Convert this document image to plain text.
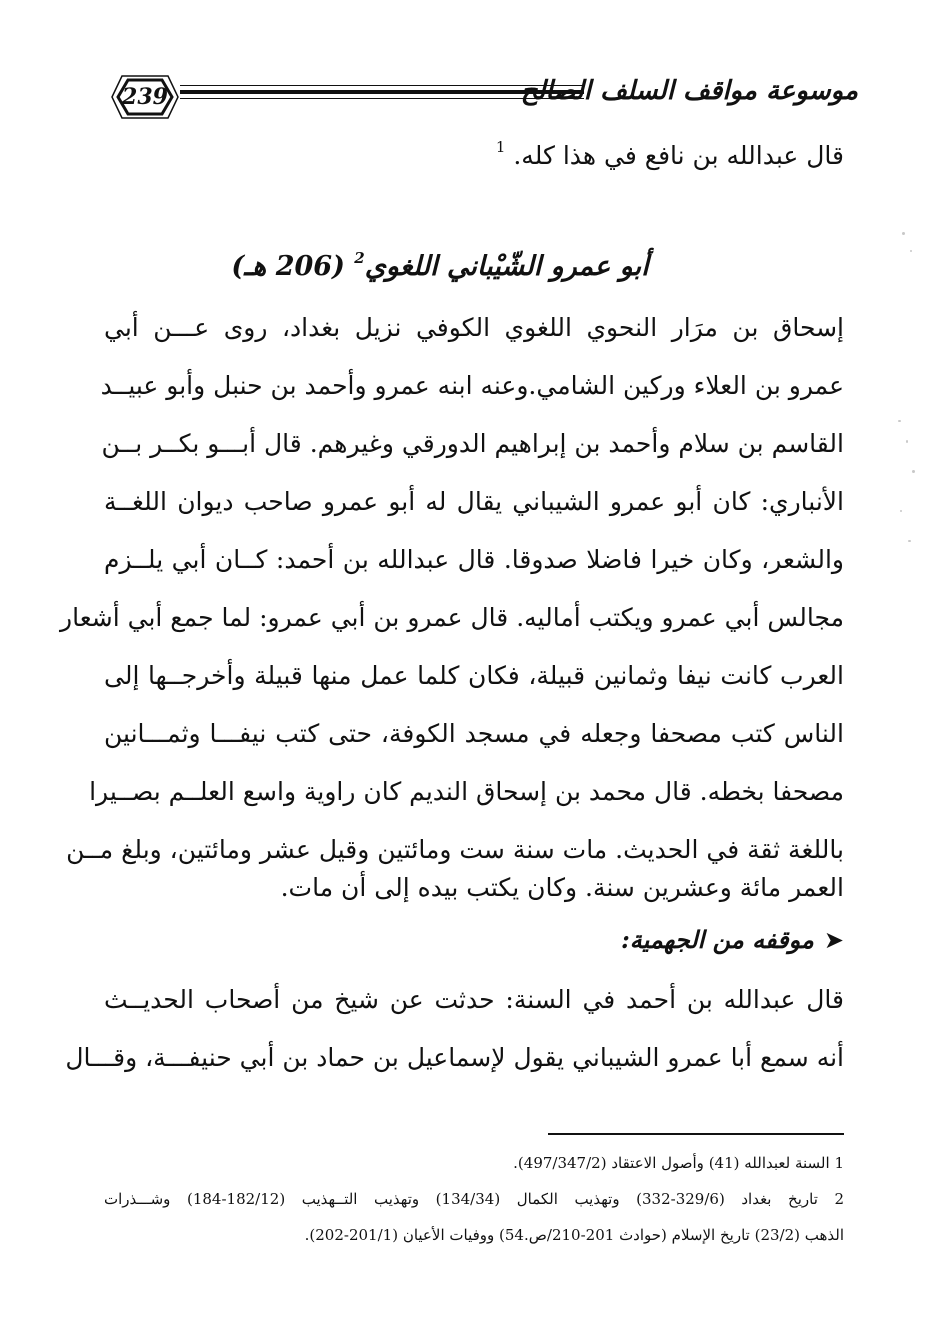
239	موسوعة مواقف السلف الصالح
قال عبدالله بن نافع في هذا كله. $^1$
أبو عمرو الشّيْباني اللغوي$^2$ (206 هـ)
إسحاق بن مرَار النحوي اللغوي الكوفي نزيل بغداد، روى عـــن أبي
عمرو بن العلاء وركين الشامي.وعنه ابنه عمرو وأحمد بن حنبل وأبو عبيــد
القاسم بن سلام وأحمد بن إبراهيم الدورقي وغيرهم. قال أبـــو بكــر بــن
الأنباري: كان أبو عمرو الشيباني يقال له أبو عمرو صاحب ديوان اللغــة
والشعر، وكان خيرا فاضلا صدوقا. قال عبدالله بن أحمد: كــان أبي يلــزم
مجالس أبي عمرو ويكتب أماليه. قال عمرو بن أبي عمرو: لما جمع أبي أشعار
العرب كانت نيفا وثمانين قبيلة، فكان كلما عمل منها قبيلة وأخرجــها إلى
الناس كتب مصحفا وجعله في مسجد الكوفة، حتى كتب نيفـــا وثمـــانين
مصحفا بخطه. قال محمد بن إسحاق النديم كان راوية واسع العلــم بصــيرا
باللغة ثقة في الحديث. مات سنة ست ومائتين وقيل عشر ومائتين، وبلغ مــن
العمر مائة وعشرين سنة. وكان يكتب بيده إلى أن مات.
➤موقفه من الجهمية:
قال عبدالله بن أحمد في السنة: حدثت عن شيخ من أصحاب الحديــث
أنه سمع أبا عمرو الشيباني يقول لإسماعيل بن حماد بن أبي حنيفـــة، وقـــال
1 السنة لعبدالله (41) وأصول الاعتقاد (497/347/2).
2 تاريخ بغداد (329/6-332) وتهذيب الكمال (134/34) وتهذيب التــهذيب (182/12-184) وشـــذرات
الذهب (23/2) تاريخ الإسلام (حوادث 201-210/ص.54) ووفيات الأعيان (201/1-202).
